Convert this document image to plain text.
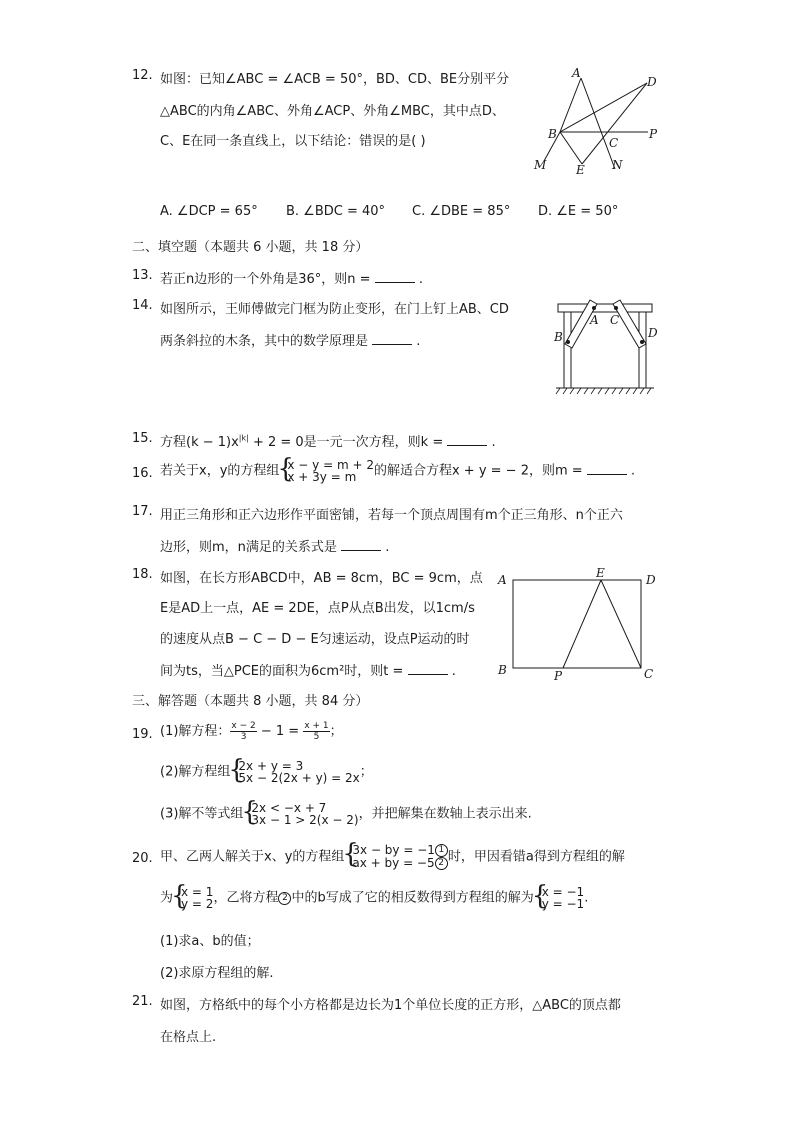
12. 如图：已知∠ABC = ∠ACB = 50°，BD、CD、BE分别平分
△ABC的内角∠ABC、外角∠ACP、外角∠MBC，其中点D、
C、E在同一条直线上，以下结论：错误的是( )
A
D
B	P
C
M E N
A. ∠DCP = 65° B. ∠BDC = 40° C. ∠DBE = 85° D. ∠E = 50°
二、填空题（本题共 6 小题，共 18 分）
13. 若正n边形的一个外角是36°，则n =	.
14. 如图所示，王师傅做完门框为防止变形，在门上钉上AB、CD
两条斜拉的木条，其中的数学原理是	.
A C
B	D
15. 方程$(k - 1)x^{|k|} + 2 = 0$是一元一次方程，则k =	.
16. 若关于x，y的方程组 { x − y = m + 2
x + 3y = m	的解适合方程x + y = − 2，则m =	.
17. 用正三角形和正六边形作平面密铺，若每一个顶点周围有m个正三角形、n个正六
边形，则m，n满足的关系式是	.
18. 如图，在长方形ABCD中，AB = 8cm，BC = 9cm，点
E是AD上一点，AE = 2DE，点P从点B出发，以1cm/s
的速度从点B − C − D − E匀速运动，设点P运动的时
间为ts，当△PCE的面积为6cm²时，则t =	.
A	E	D
B	P	C
三、解答题（本题共 8 小题，共 84 分）
19. (1)解方程： $\frac{x - 2}{3} - 1 = \frac{x + 1}{5}$；
(2)解方程组 { 2x + y = 3
5x − 2(2x + y) = 2x ；
(3)解不等式组 { 2x < −x + 7
3x − 1 > 2(x − 2) ，并把解集在数轴上表示出来.
20. 甲、乙两人解关于x、y的方程组 { 3x − by = −1 1
ax + by = −5 2 时，甲因看错a得到方程组的解
为 { x = 1
y = 2 ，乙将方程 2 中的b写成了它的相反数得到方程组的解为 { x = −1
y = −1 .
(1)求a、b的值；
(2)求原方程组的解.
21. 如图，方格纸中的每个小方格都是边长为1个单位长度的正方形，△ABC的顶点都
在格点上.
